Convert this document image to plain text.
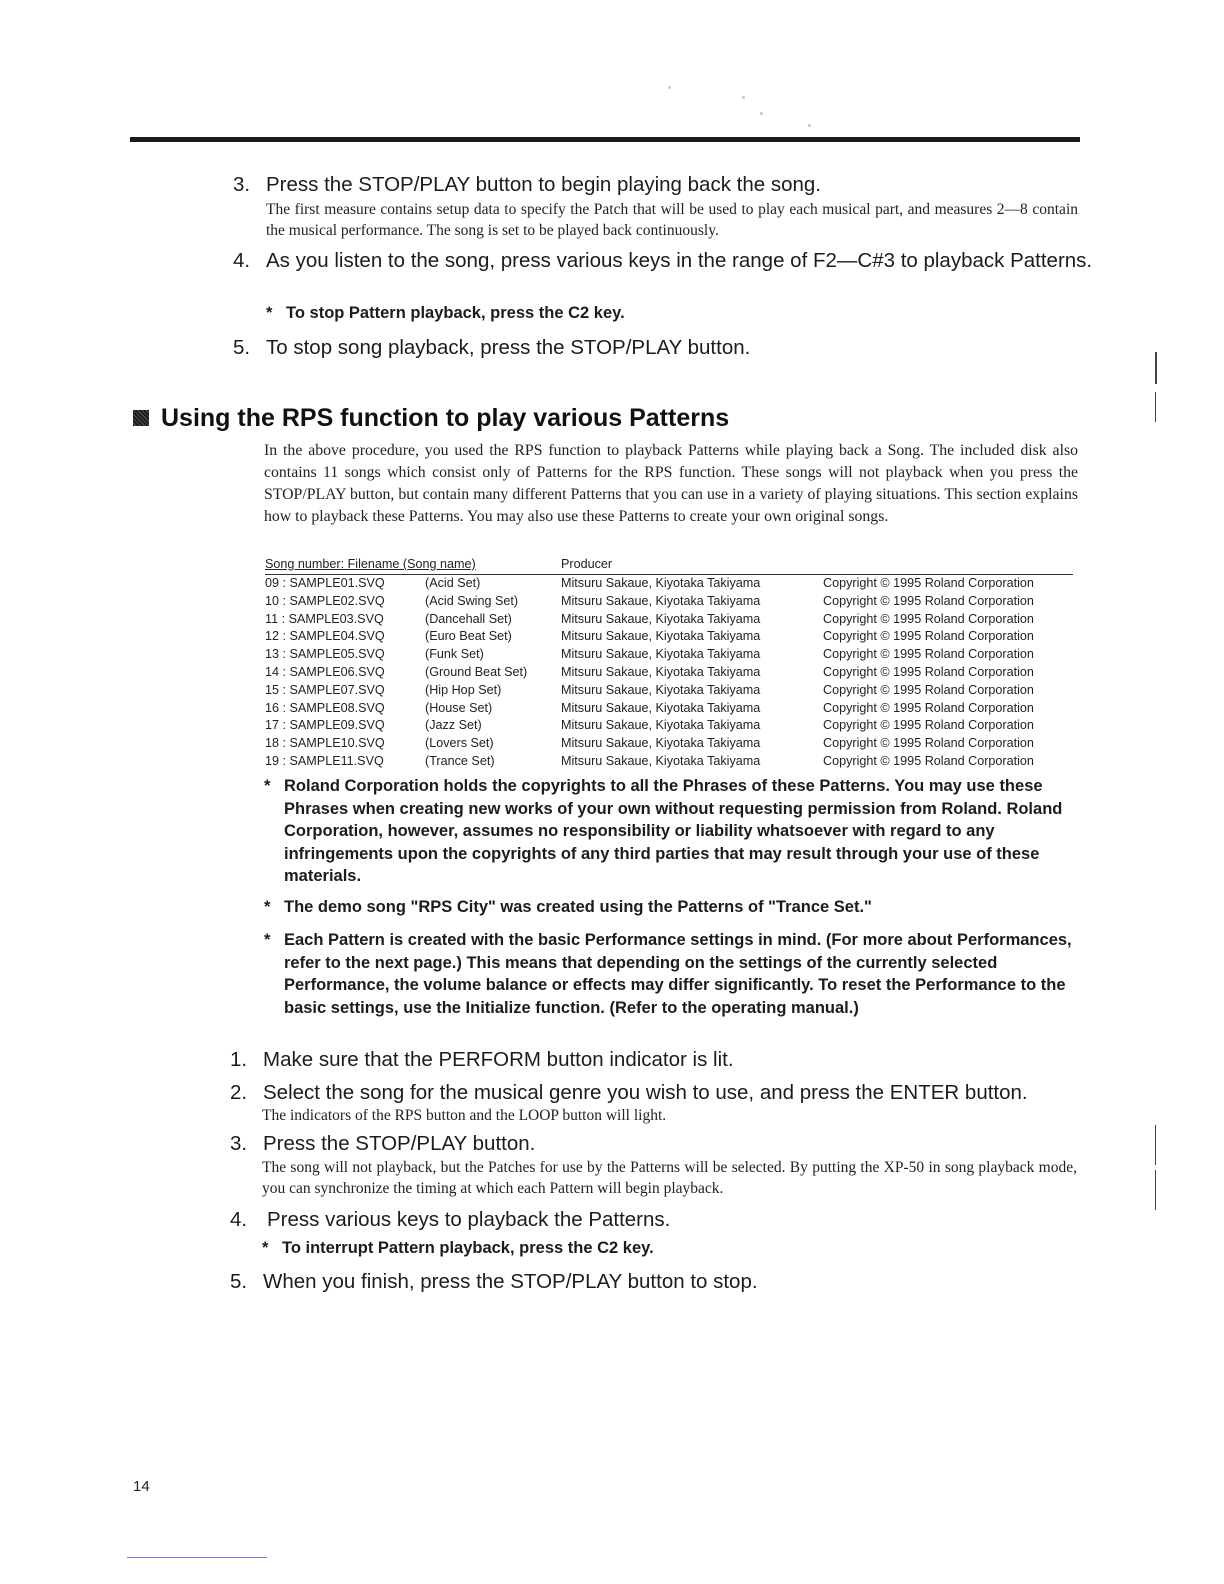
3. Press the STOP/PLAY button to begin playing back the song.
The first measure contains setup data to specify the Patch that will be used to play each musical part, and measures 2—8 contain the musical performance. The song is set to be played back continuously.
4. As you listen to the song, press various keys in the range of F2—C#3 to playback Patterns.
* To stop Pattern playback, press the C2 key.
5. To stop song playback, press the STOP/PLAY button.
Using the RPS function to play various Patterns
In the above procedure, you used the RPS function to playback Patterns while playing back a Song. The included disk also contains 11 songs which consist only of Patterns for the RPS function. These songs will not playback when you press the STOP/PLAY button, but contain many different Patterns that you can use in a variety of playing situations. This section explains how to playback these Patterns. You may also use these Patterns to create your own original songs.
Song number: Filename (Song name)	Producer
09 : SAMPLE01.SVQ	(Acid Set)	Mitsuru Sakaue, Kiyotaka Takiyama	Copyright © 1995 Roland Corporation
10 : SAMPLE02.SVQ	(Acid Swing Set)	Mitsuru Sakaue, Kiyotaka Takiyama	Copyright © 1995 Roland Corporation
11 : SAMPLE03.SVQ	(Dancehall Set)	Mitsuru Sakaue, Kiyotaka Takiyama	Copyright © 1995 Roland Corporation
12 : SAMPLE04.SVQ	(Euro Beat Set)	Mitsuru Sakaue, Kiyotaka Takiyama	Copyright © 1995 Roland Corporation
13 : SAMPLE05.SVQ	(Funk Set)	Mitsuru Sakaue, Kiyotaka Takiyama	Copyright © 1995 Roland Corporation
14 : SAMPLE06.SVQ	(Ground Beat Set)	Mitsuru Sakaue, Kiyotaka Takiyama	Copyright © 1995 Roland Corporation
15 : SAMPLE07.SVQ	(Hip Hop Set)	Mitsuru Sakaue, Kiyotaka Takiyama	Copyright © 1995 Roland Corporation
16 : SAMPLE08.SVQ	(House Set)	Mitsuru Sakaue, Kiyotaka Takiyama	Copyright © 1995 Roland Corporation
17 : SAMPLE09.SVQ	(Jazz Set)	Mitsuru Sakaue, Kiyotaka Takiyama	Copyright © 1995 Roland Corporation
18 : SAMPLE10.SVQ	(Lovers Set)	Mitsuru Sakaue, Kiyotaka Takiyama	Copyright © 1995 Roland Corporation
19 : SAMPLE11.SVQ	(Trance Set)	Mitsuru Sakaue, Kiyotaka Takiyama	Copyright © 1995 Roland Corporation
* Roland Corporation holds the copyrights to all the Phrases of these Patterns. You may use these Phrases when creating new works of your own without requesting permission from Roland. Roland Corporation, however, assumes no responsibility or liability whatsoever with regard to any infringements upon the copyrights of any third parties that may result through your use of these materials.
* The demo song "RPS City" was created using the Patterns of "Trance Set."
* Each Pattern is created with the basic Performance settings in mind. (For more about Performances, refer to the next page.) This means that depending on the settings of the currently selected Performance, the volume balance or effects may differ significantly. To reset the Performance to the basic settings, use the Initialize function. (Refer to the operating manual.)
1. Make sure that the PERFORM button indicator is lit.
2. Select the song for the musical genre you wish to use, and press the ENTER button.
The indicators of the RPS button and the LOOP button will light.
3. Press the STOP/PLAY button.
The song will not playback, but the Patches for use by the Patterns will be selected. By putting the XP-50 in song playback mode, you can synchronize the timing at which each Pattern will begin playback.
4. Press various keys to playback the Patterns.
* To interrupt Pattern playback, press the C2 key.
5. When you finish, press the STOP/PLAY button to stop.
14
